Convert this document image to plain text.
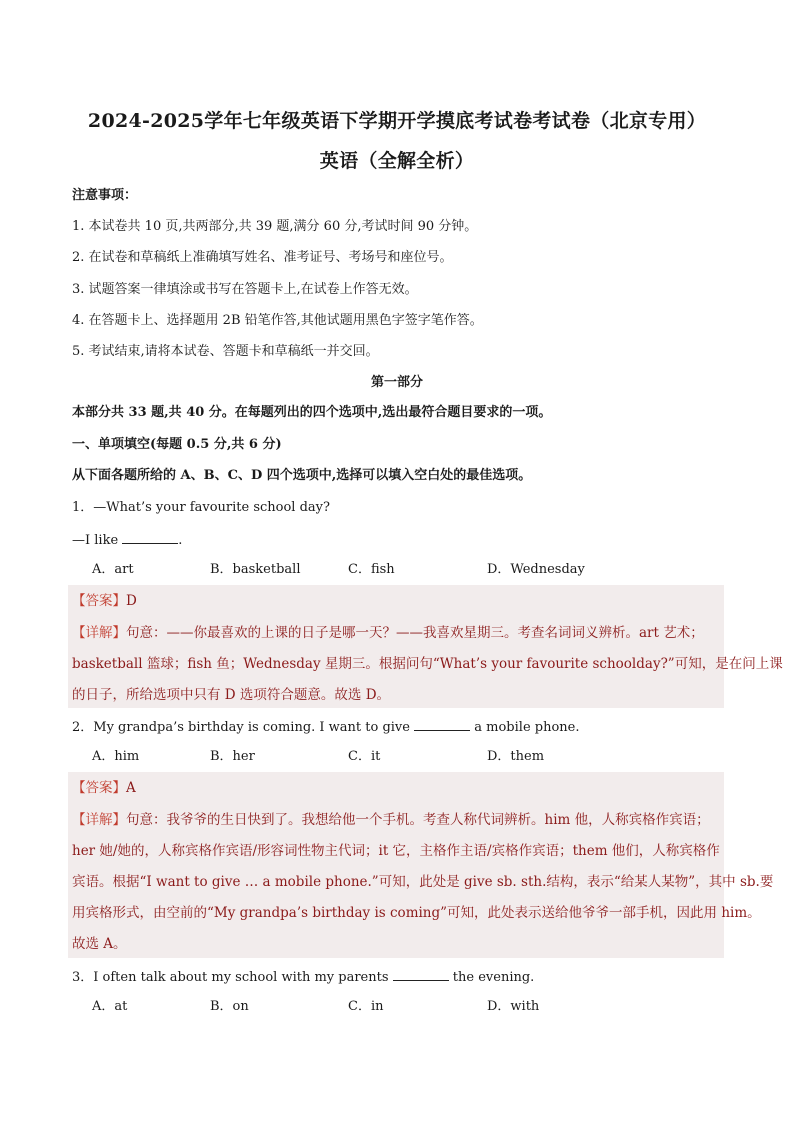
2024-2025学年七年级英语下学期开学摸底考试卷考试卷（北京专用）
英语（全解全析）
注意事项：
1. 本试卷共 10 页,共两部分,共 39 题,满分 60 分,考试时间 90 分钟。
2. 在试卷和草稿纸上准确填写姓名、准考证号、考场号和座位号。
3. 试题答案一律填涂或书写在答题卡上,在试卷上作答无效。
4. 在答题卡上、选择题用 2B 铅笔作答,其他试题用黑色字签字笔作答。
5. 考试结束,请将本试卷、答题卡和草稿纸一并交回。
第一部分
本部分共 33 题,共 40 分。在每题列出的四个选项中,选出最符合题目要求的一项。
一、单项填空(每题 0.5 分,共 6 分)
从下面各题所给的 A、B、C、D 四个选项中,选择可以填入空白处的最佳选项。
1．—What’s your favourite school day?
—I like	.
A．art	B．basketball	C．fish	D．Wednesday
【答案】D
【详解】句意：——你最喜欢的上课的日子是哪一天？——我喜欢星期三。考查名词词义辨析。art 艺术；
basketball 篮球；fish 鱼；Wednesday 星期三。根据问句“What’s your favourite schoolday?”可知，是在问上课
的日子，所给选项中只有 D 选项符合题意。故选 D。
2．My grandpa’s birthday is coming. I want to give	a mobile phone.
A．him	B．her	C．it	D．them
【答案】A
【详解】句意：我爷爷的生日快到了。我想给他一个手机。考查人称代词辨析。him 他，人称宾格作宾语；
her 她/她的，人称宾格作宾语/形容词性物主代词；it 它，主格作主语/宾格作宾语；them 他们，人称宾格作
宾语。根据“I want to give … a mobile phone.”可知，此处是 give sb. sth.结构，表示“给某人某物”，其中 sb.要
用宾格形式，由空前的“My grandpa’s birthday is coming”可知，此处表示送给他爷爷一部手机，因此用 him。
故选 A。
3．I often talk about my school with my parents	the evening.
A．at	B．on	C．in	D．with
